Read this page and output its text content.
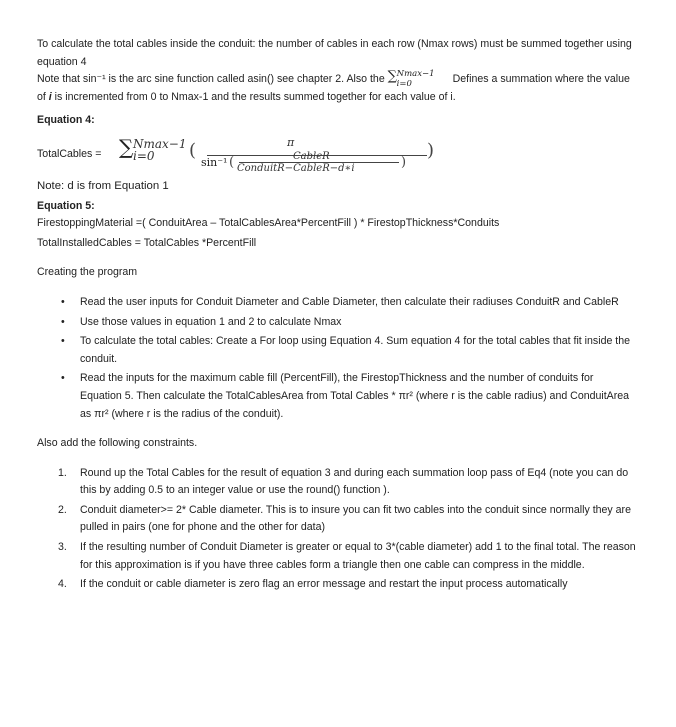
To calculate the total cables inside the conduit: the number of cables in each row (Nmax rows) must be summed together using equation 4

Note that sin⁻¹ is the arc sine function called asin() see chapter 2. Also the ∑ Nmax−1
i=0	Defines a summation where the value of i is incremented from 0 to Nmax-1 and the results summed together for each value of i.

Equation 4:

TotalCables = ∑ Nmax−1
i=0 (	π
sin⁻¹ (	CableR
ConduitR−CableR−d∗i	)
)

Note: d is from Equation 1

Equation 5:

FirestoppingMaterial =( ConduitArea – TotalCablesArea*PercentFill ) * FirestopThickness*Conduits

TotalInstalledCables = TotalCables *PercentFill

Creating the program

• Read the user inputs for Conduit Diameter and Cable Diameter, then calculate their radiuses ConduitR and CableR
• Use those values in equation 1 and 2 to calculate Nmax
• To calculate the total cables: Create a For loop using Equation 4. Sum equation 4 for the total cables that fit inside the conduit.
• Read the inputs for the maximum cable fill (PercentFill), the FirestopThickness and the number of conduits for Equation 5. Then calculate the TotalCablesArea from Total Cables * πr² (where r is the cable radius) and ConduitArea as πr² (where r is the radius of the conduit).

Also add the following constraints.

1. Round up the Total Cables for the result of equation 3 and during each summation loop pass of Eq4 (note you can do this by adding 0.5 to an integer value or use the round() function ).
2. Conduit diameter>= 2* Cable diameter. This is to insure you can fit two cables into the conduit since normally they are pulled in pairs (one for phone and the other for data)
3. If the resulting number of Conduit Diameter is greater or equal to 3*(cable diameter) add 1 to the final total. The reason for this approximation is if you have three cables form a triangle then one cable can compress in the middle.
4. If the conduit or cable diameter is zero flag an error message and restart the input process automatically
